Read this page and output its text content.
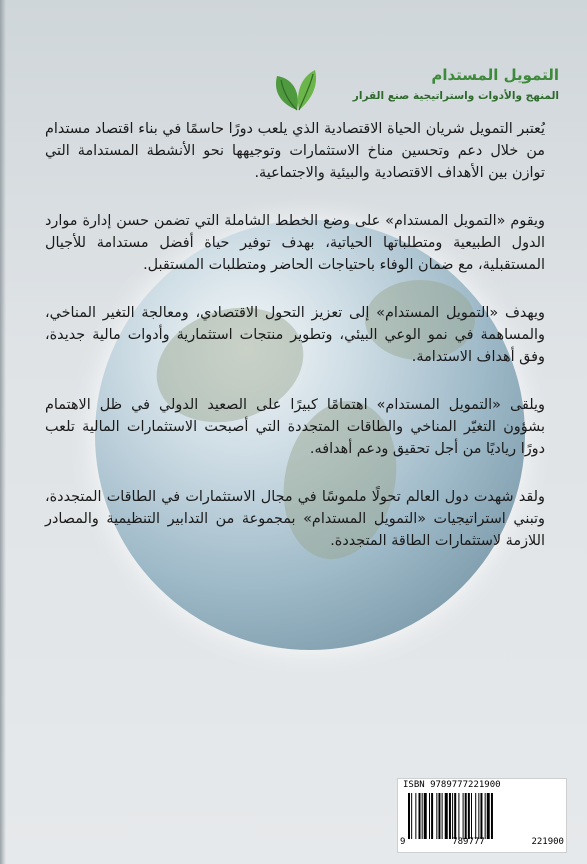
التمويل المستدام
المنهج والأدوات واستراتيجية صنع القرار

يُعتبر التمويل شريان الحياة الاقتصادية الذي يلعب دورًا حاسمًا في بناء اقتصاد مستدام من خلال دعم وتحسين مناخ الاستثمارات وتوجيهها نحو الأنشطة المستدامة التي توازن بين الأهداف الاقتصادية والبيئية والاجتماعية.

ويقوم «التمويل المستدام» على وضع الخطط الشاملة التي تضمن حسن إدارة موارد الدول الطبيعية ومتطلباتها الحياتية، بهدف توفير حياة أفضل مستدامة للأجيال المستقبلية، مع ضمان الوفاء باحتياجات الحاضر ومتطلبات المستقبل.

ويهدف «التمويل المستدام» إلى تعزيز التحول الاقتصادي، ومعالجة التغير المناخي، والمساهمة في نمو الوعي البيئي، وتطوير منتجات استثمارية وأدوات مالية جديدة، وفق أهداف الاستدامة.

ويلقى «التمويل المستدام» اهتمامًا كبيرًا على الصعيد الدولي في ظل الاهتمام بشؤون التغيّر المناخي والطاقات المتجددة التي أصبحت الاستثمارات المالية تلعب دورًا رياديًا من أجل تحقيق ودعم أهدافه.

ولقد شهدت دول العالم تحولًا ملموسًا في مجال الاستثمارات في الطاقات المتجددة، وتبني استراتيجيات «التمويل المستدام» بمجموعة من التدابير التنظيمية والمصادر اللازمة لاستثمارات الطاقة المتجددة.

ISBN 9789777221900
9	789777	221900
